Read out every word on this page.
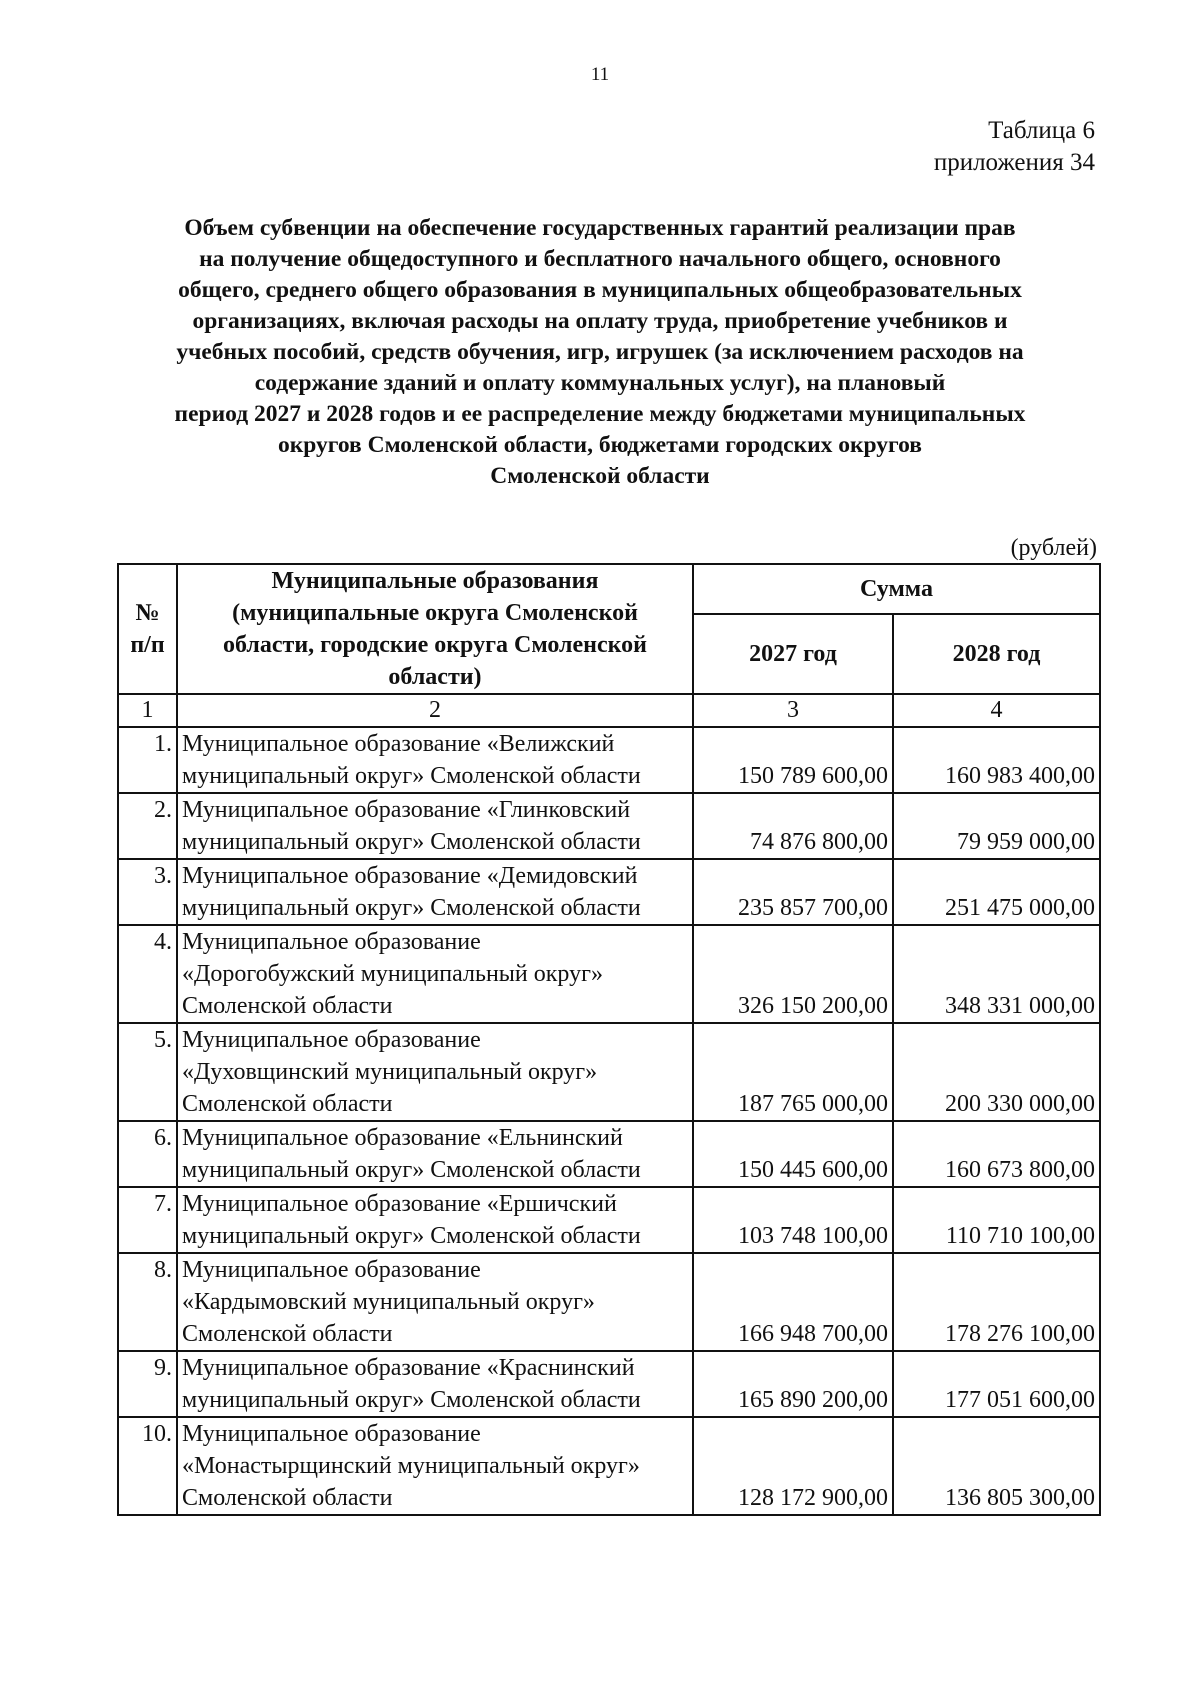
11
Таблица 6
приложения 34
Объем субвенции на обеспечение государственных гарантий реализации прав
на получение общедоступного и бесплатного начального общего, основного
общего, среднего общего образования в муниципальных общеобразовательных
организациях, включая расходы на оплату труда, приобретение учебников и
учебных пособий, средств обучения, игр, игрушек (за исключением расходов на
содержание зданий и оплату коммунальных услуг), на плановый
период 2027 и 2028 годов и ее распределение между бюджетами муниципальных
округов Смоленской области, бюджетами городских округов
Смоленской области
(рублей)
№ п/п	Муниципальные образования (муниципальные округа Смоленской области, городские округа Смоленской области)	Сумма	
		2027 год	2028 год
1	2	3	4
1.	Муниципальное образование «Велижский
муниципальный округ» Смоленской области	150 789 600,00	160 983 400,00
2.	Муниципальное образование «Глинковский
муниципальный округ» Смоленской области	74 876 800,00	79 959 000,00
3.	Муниципальное образование «Демидовский
муниципальный округ» Смоленской области	235 857 700,00	251 475 000,00
4.	Муниципальное образование
«Дорогобужский муниципальный округ»
Смоленской области	326 150 200,00	348 331 000,00
5.	Муниципальное образование
«Духовщинский муниципальный округ»
Смоленской области	187 765 000,00	200 330 000,00
6.	Муниципальное образование «Ельнинский
муниципальный округ» Смоленской области	150 445 600,00	160 673 800,00
7.	Муниципальное образование «Ершичский
муниципальный округ» Смоленской области	103 748 100,00	110 710 100,00
8.	Муниципальное образование
«Кардымовский муниципальный округ»
Смоленской области	166 948 700,00	178 276 100,00
9.	Муниципальное образование «Краснинский
муниципальный округ» Смоленской области	165 890 200,00	177 051 600,00
10.	Муниципальное образование
«Монастырщинский муниципальный округ»
Смоленской области	128 172 900,00	136 805 300,00
